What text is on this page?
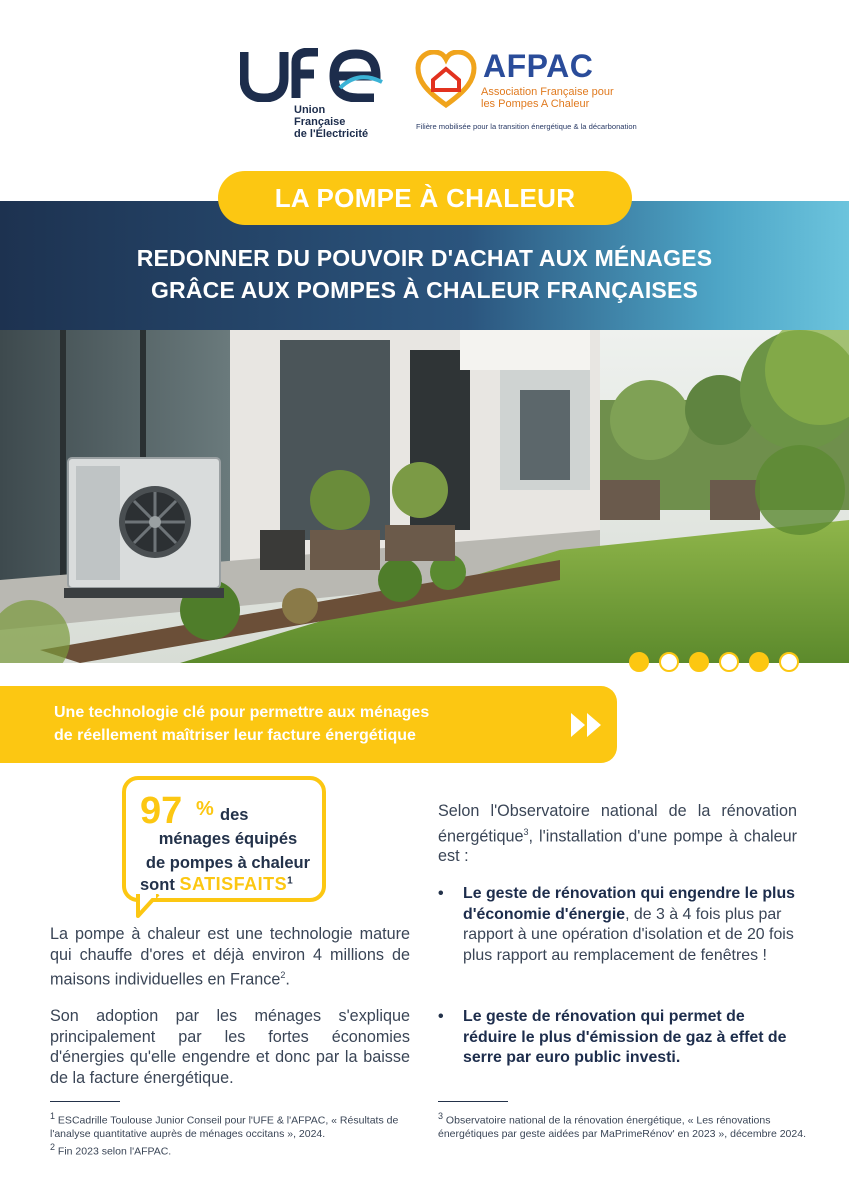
Union
Française
de l'Électricité
AFPAC
Association Française pour
les Pompes A Chaleur
Filière mobilisée pour la transition énergétique & la décarbonation
LA POMPE À CHALEUR
REDONNER DU POUVOIR D'ACHAT AUX MÉNAGES
GRÂCE AUX POMPES À CHALEUR FRANÇAISES
Une technologie clé pour permettre aux ménages
de réellement maîtriser leur facture énergétique
97 % des
ménages équipés
de pompes à chaleur
sont SATISFAITS$^1$
La pompe à chaleur est une technologie mature qui chauffe d'ores et déjà environ 4 millions de maisons individuelles en France$^2$.
Son adoption par les ménages s'explique principalement par les fortes économies d'énergies qu'elle engendre et donc par la baisse de la facture énergétique.
Selon l'Observatoire national de la rénovation énergétique$^3$, l'installation d'une pompe à chaleur est :
• Le geste de rénovation qui engendre le plus d'économie d'énergie, de 3 à 4 fois plus par rapport à une opération d'isolation et de 20 fois plus rapport au remplacement de fenêtres !
• Le geste de rénovation qui permet de réduire le plus d'émission de gaz à effet de serre par euro public investi.
$^1$ ESCadrille Toulouse Junior Conseil pour l'UFE & l'AFPAC, « Résultats de l'analyse quantitative auprès de ménages occitans », 2024.
$^2$ Fin 2023 selon l'AFPAC.
$^3$ Observatoire national de la rénovation énergétique, « Les rénovations énergétiques par geste aidées par MaPrimeRénov' en 2023 », décembre 2024.
